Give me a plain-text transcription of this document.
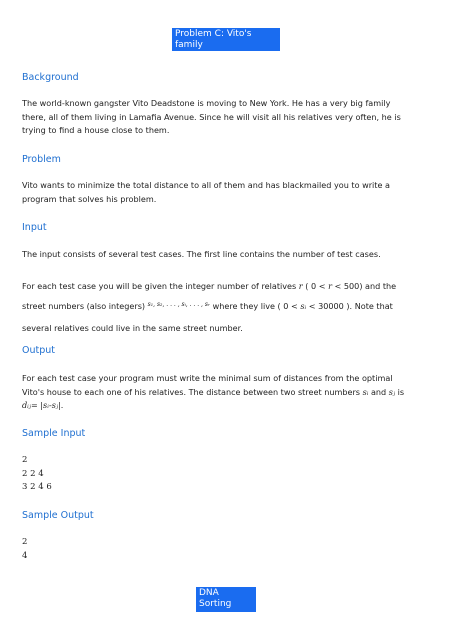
Problem C: Vito's
family
Background
The world-known gangster Vito Deadstone is moving to New York. He has a very big family
there, all of them living in Lamafia Avenue. Since he will visit all his relatives very often, he is
trying to find a house close to them.
Problem
Vito wants to minimize the total distance to all of them and has blackmailed you to write a
program that solves his problem.
Input
The input consists of several test cases. The first line contains the number of test cases.
For each test case you will be given the integer number of relatives r ( 0 < r < 500) and the
street numbers (also integers) $^{s_1, s_2, . . . , sᵢ, . . . , sᵣ}$ where they live ( 0 < sᵢ < 30000 ). Note that
several relatives could live in the same street number.
Output
For each test case your program must write the minimal sum of distances from the optimal
Vito's house to each one of his relatives. The distance between two street numbers sᵢ and sⱼ is
dᵢⱼ= |sᵢ-sⱼ|.
Sample Input
2
2 2 4
3 2 4 6
Sample Output
2
4
DNA
Sorting
